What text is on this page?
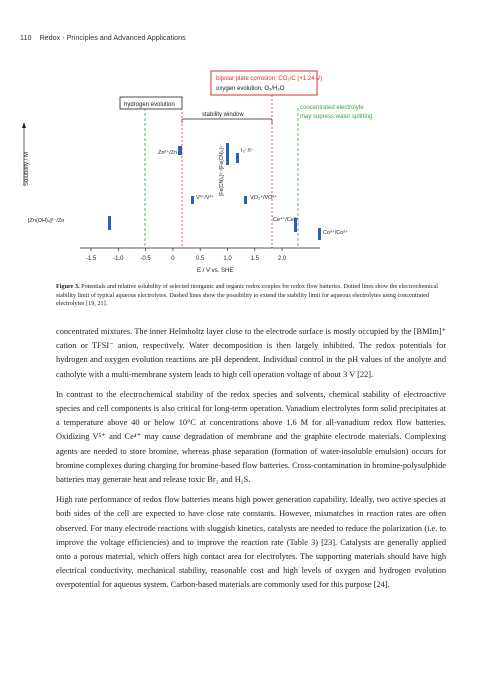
110 Redox - Principles and Advanced Applications
bipolar plate corrosion, CO₂/C (+1.24 V)
oxygen evolution, O₂/H₂O
hydrogen evolution
stability window
concentrated electrolyte
may supress water splitting
Solubility / M	Zn²⁺/Zn	[Fe(CN)₆]³⁻/[Fe(CN)₆]⁴⁻	I₃⁻/I⁻
V³⁺/V²⁺	VO₂⁺/VO²⁺
[Zn(OH)₄]²⁻/Zn	Ce⁴⁺/Ce³⁺
Co³⁺/Co²⁺
-1.5	-1.0	-0.5	0	0.5	1.0	1.5	2.0
E / V vs. SHE
Figure 3. Potentials and relative solubility of selected inorganic and organic redox couples for redox flow batteries. Dotted lines show the electrochemical stability limit of typical aqueous electrolytes. Dashed lines show the possibility to extend the stability limit for aqueous electrolytes using concentrated electrolytes [19, 21].

concentrated mixtures. The inner Helmholtz layer close to the electrode surface is mostly occupied by the [BMIm]⁺ cation or TFSI⁻ anion, respectively. Water decomposition is then largely inhibited. The redox potentials for hydrogen and oxygen evolution reactions are pH dependent. Individual control in the pH values of the anolyte and catholyte with a multi-membrane system leads to high cell operation voltage of about 3 V [22].

In contrast to the electrochemical stability of the redox species and solvents, chemical stability of electroactive species and cell components is also critical for long-term operation. Vanadium electrolytes form solid precipitates at a temperature above 40 or below 10°C at concentrations above 1.6 M for all-vanadium redox flow batteries. Oxidizing V⁵⁺ and Ce⁴⁺ may cause degradation of membrane and the graphite electrode materials. Complexing agents are needed to store bromine, whereas phase separation (formation of water-insoluble emulsion) occurs for bromine complexes during charging for bromine-based flow batteries. Cross-contamination in bromine-polysulphide batteries may generate heat and release toxic Br₂ and H₂S.

High rate performance of redox flow batteries means high power generation capability. Ideally, two active species at both sides of the cell are expected to have close rate constants. However, mismatches in reaction rates are often observed. For many electrode reactions with sluggish kinetics, catalysts are needed to reduce the polarization (i.e. to improve the voltage efficiencies) and to improve the reaction rate (Table 3) [23]. Catalysts are generally applied onto a porous material, which offers high contact area for electrolytes. The supporting materials should have high electrical conductivity, mechanical stability, reasonable cost and high levels of oxygen and hydrogen evolution overpotential for aqueous system. Carbon-based materials are commonly used for this purpose [24].
